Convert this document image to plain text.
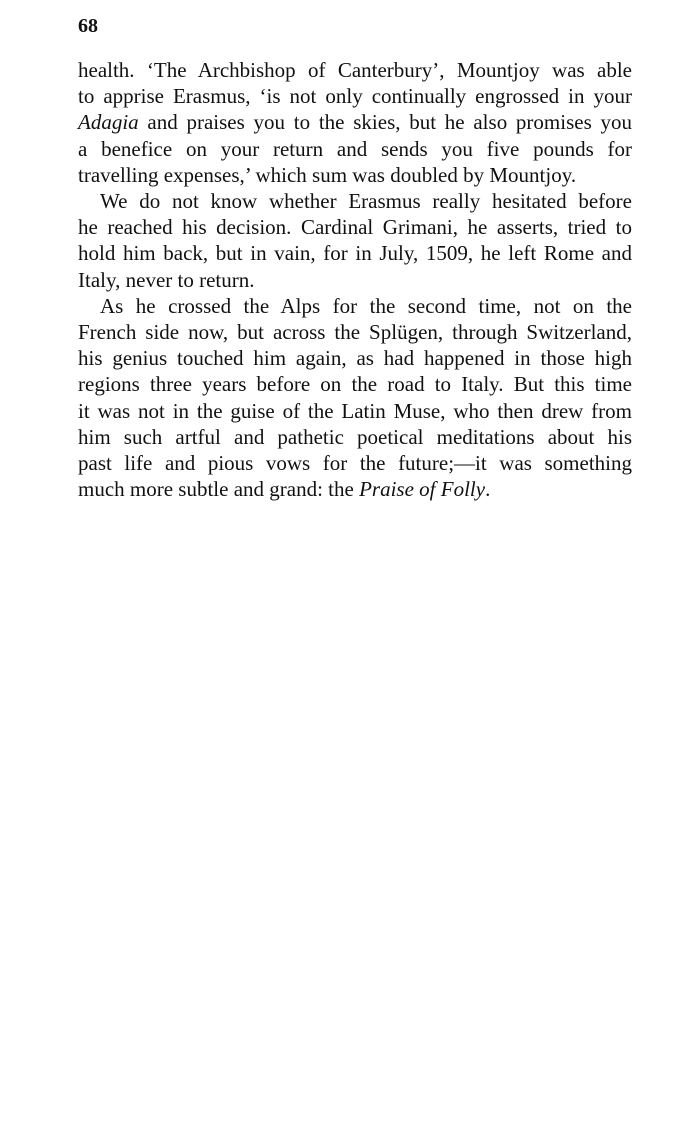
68

health. ‘The Archbishop of Canterbury’, Mountjoy was able
to apprise Erasmus, ‘is not only continually engrossed in your
Adagia and praises you to the skies, but he also promises you
a benefice on your return and sends you five pounds for
travelling expenses,’ which sum was doubled by Mountjoy.

We do not know whether Erasmus really hesitated before
he reached his decision. Cardinal Grimani, he asserts, tried to
hold him back, but in vain, for in July, 1509, he left Rome and
Italy, never to return.

As he crossed the Alps for the second time, not on the
French side now, but across the Splügen, through Switzerland,
his genius touched him again, as had happened in those high
regions three years before on the road to Italy. But this time
it was not in the guise of the Latin Muse, who then drew from
him such artful and pathetic poetical meditations about his
past life and pious vows for the future;—it was something
much more subtle and grand: the Praise of Folly.
